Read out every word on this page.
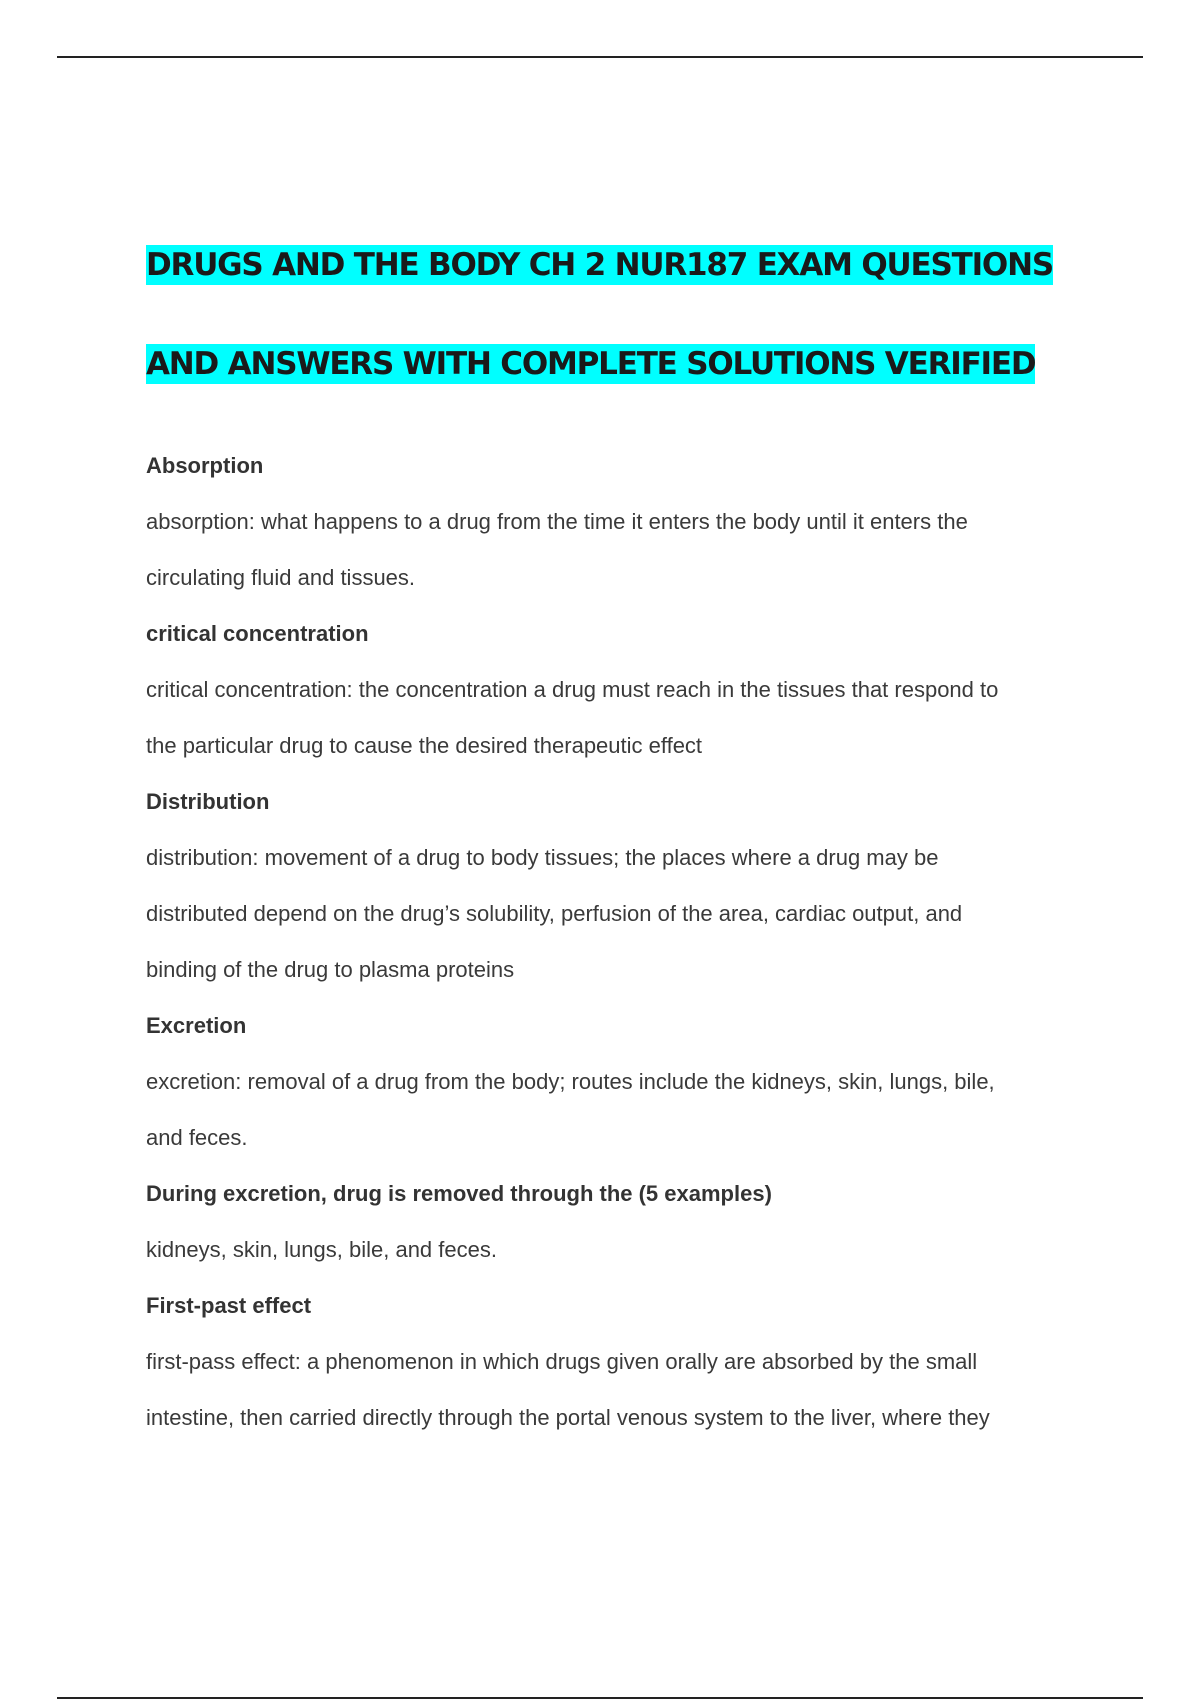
DRUGS AND THE BODY CH 2 NUR187 EXAM QUESTIONS

AND ANSWERS WITH COMPLETE SOLUTIONS VERIFIED

Absorption

absorption: what happens to a drug from the time it enters the body until it enters the
circulating fluid and tissues.

critical concentration

critical concentration: the concentration a drug must reach in the tissues that respond to
the particular drug to cause the desired therapeutic effect

Distribution

distribution: movement of a drug to body tissues; the places where a drug may be
distributed depend on the drug’s solubility, perfusion of the area, cardiac output, and
binding of the drug to plasma proteins

Excretion

excretion: removal of a drug from the body; routes include the kidneys, skin, lungs, bile,
and feces.

During excretion, drug is removed through the (5 examples)

kidneys, skin, lungs, bile, and feces.

First-past effect

first-pass effect: a phenomenon in which drugs given orally are absorbed by the small
intestine, then carried directly through the portal venous system to the liver, where they
